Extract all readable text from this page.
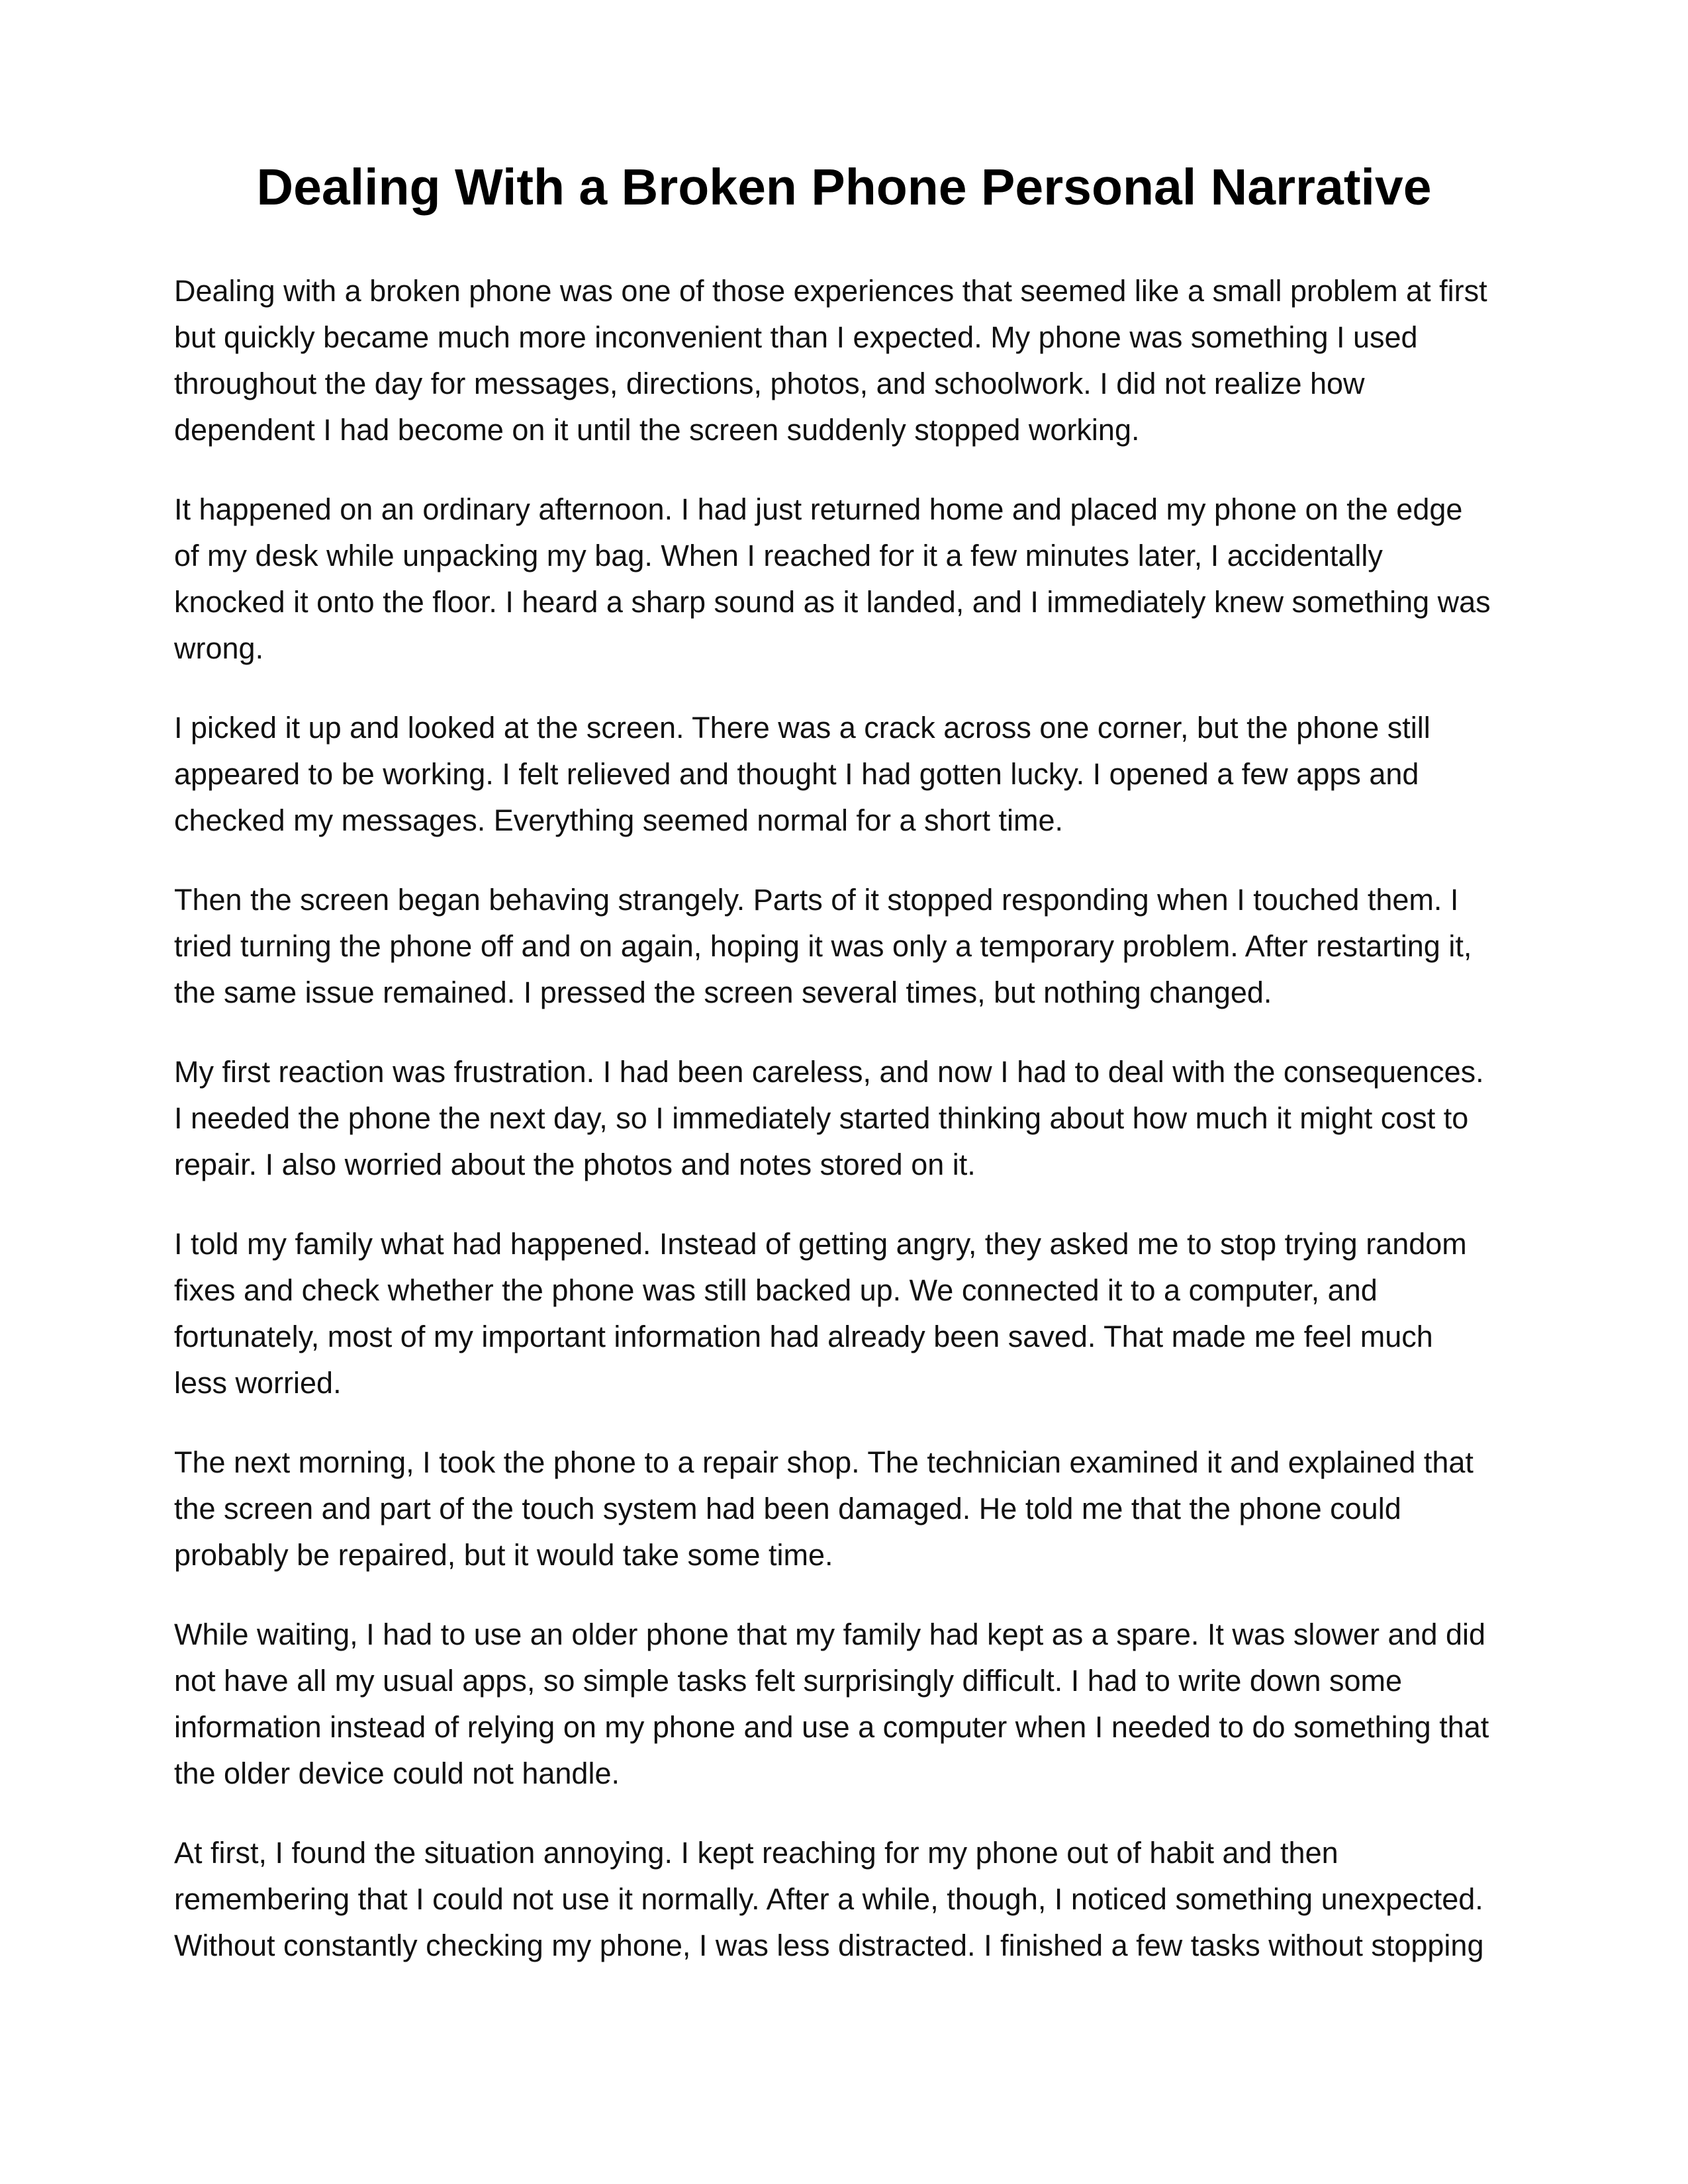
Dealing With a Broken Phone Personal Narrative

Dealing with a broken phone was one of those experiences that seemed like a small problem at first
but quickly became much more inconvenient than I expected. My phone was something I used
throughout the day for messages, directions, photos, and schoolwork. I did not realize how
dependent I had become on it until the screen suddenly stopped working.

It happened on an ordinary afternoon. I had just returned home and placed my phone on the edge
of my desk while unpacking my bag. When I reached for it a few minutes later, I accidentally
knocked it onto the floor. I heard a sharp sound as it landed, and I immediately knew something was
wrong.

I picked it up and looked at the screen. There was a crack across one corner, but the phone still
appeared to be working. I felt relieved and thought I had gotten lucky. I opened a few apps and
checked my messages. Everything seemed normal for a short time.

Then the screen began behaving strangely. Parts of it stopped responding when I touched them. I
tried turning the phone off and on again, hoping it was only a temporary problem. After restarting it,
the same issue remained. I pressed the screen several times, but nothing changed.

My first reaction was frustration. I had been careless, and now I had to deal with the consequences.
I needed the phone the next day, so I immediately started thinking about how much it might cost to
repair. I also worried about the photos and notes stored on it.

I told my family what had happened. Instead of getting angry, they asked me to stop trying random
fixes and check whether the phone was still backed up. We connected it to a computer, and
fortunately, most of my important information had already been saved. That made me feel much
less worried.

The next morning, I took the phone to a repair shop. The technician examined it and explained that
the screen and part of the touch system had been damaged. He told me that the phone could
probably be repaired, but it would take some time.

While waiting, I had to use an older phone that my family had kept as a spare. It was slower and did
not have all my usual apps, so simple tasks felt surprisingly difficult. I had to write down some
information instead of relying on my phone and use a computer when I needed to do something that
the older device could not handle.

At first, I found the situation annoying. I kept reaching for my phone out of habit and then
remembering that I could not use it normally. After a while, though, I noticed something unexpected.
Without constantly checking my phone, I was less distracted. I finished a few tasks without stopping
